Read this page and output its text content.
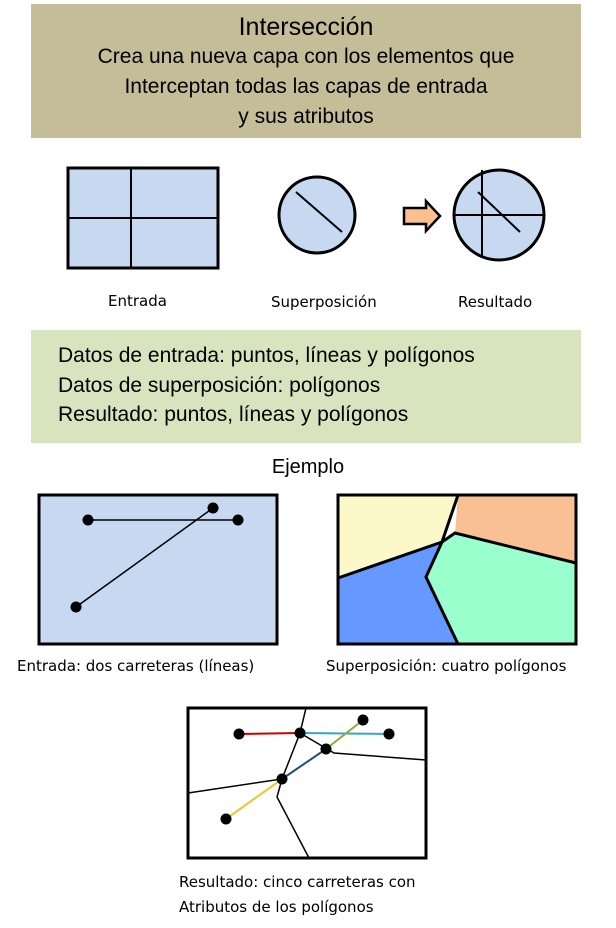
Intersección
Crea una nueva capa con los elementos que
Interceptan todas las capas de entrada
y sus atributos
Entrada	Superposición	Resultado
Datos de entrada: puntos, líneas y polígonos
Datos de superposición: polígonos
Resultado: puntos, líneas y polígonos
Ejemplo
Entrada: dos carreteras (líneas)	Superposición: cuatro polígonos
Resultado: cinco carreteras con
Atributos de los polígonos
